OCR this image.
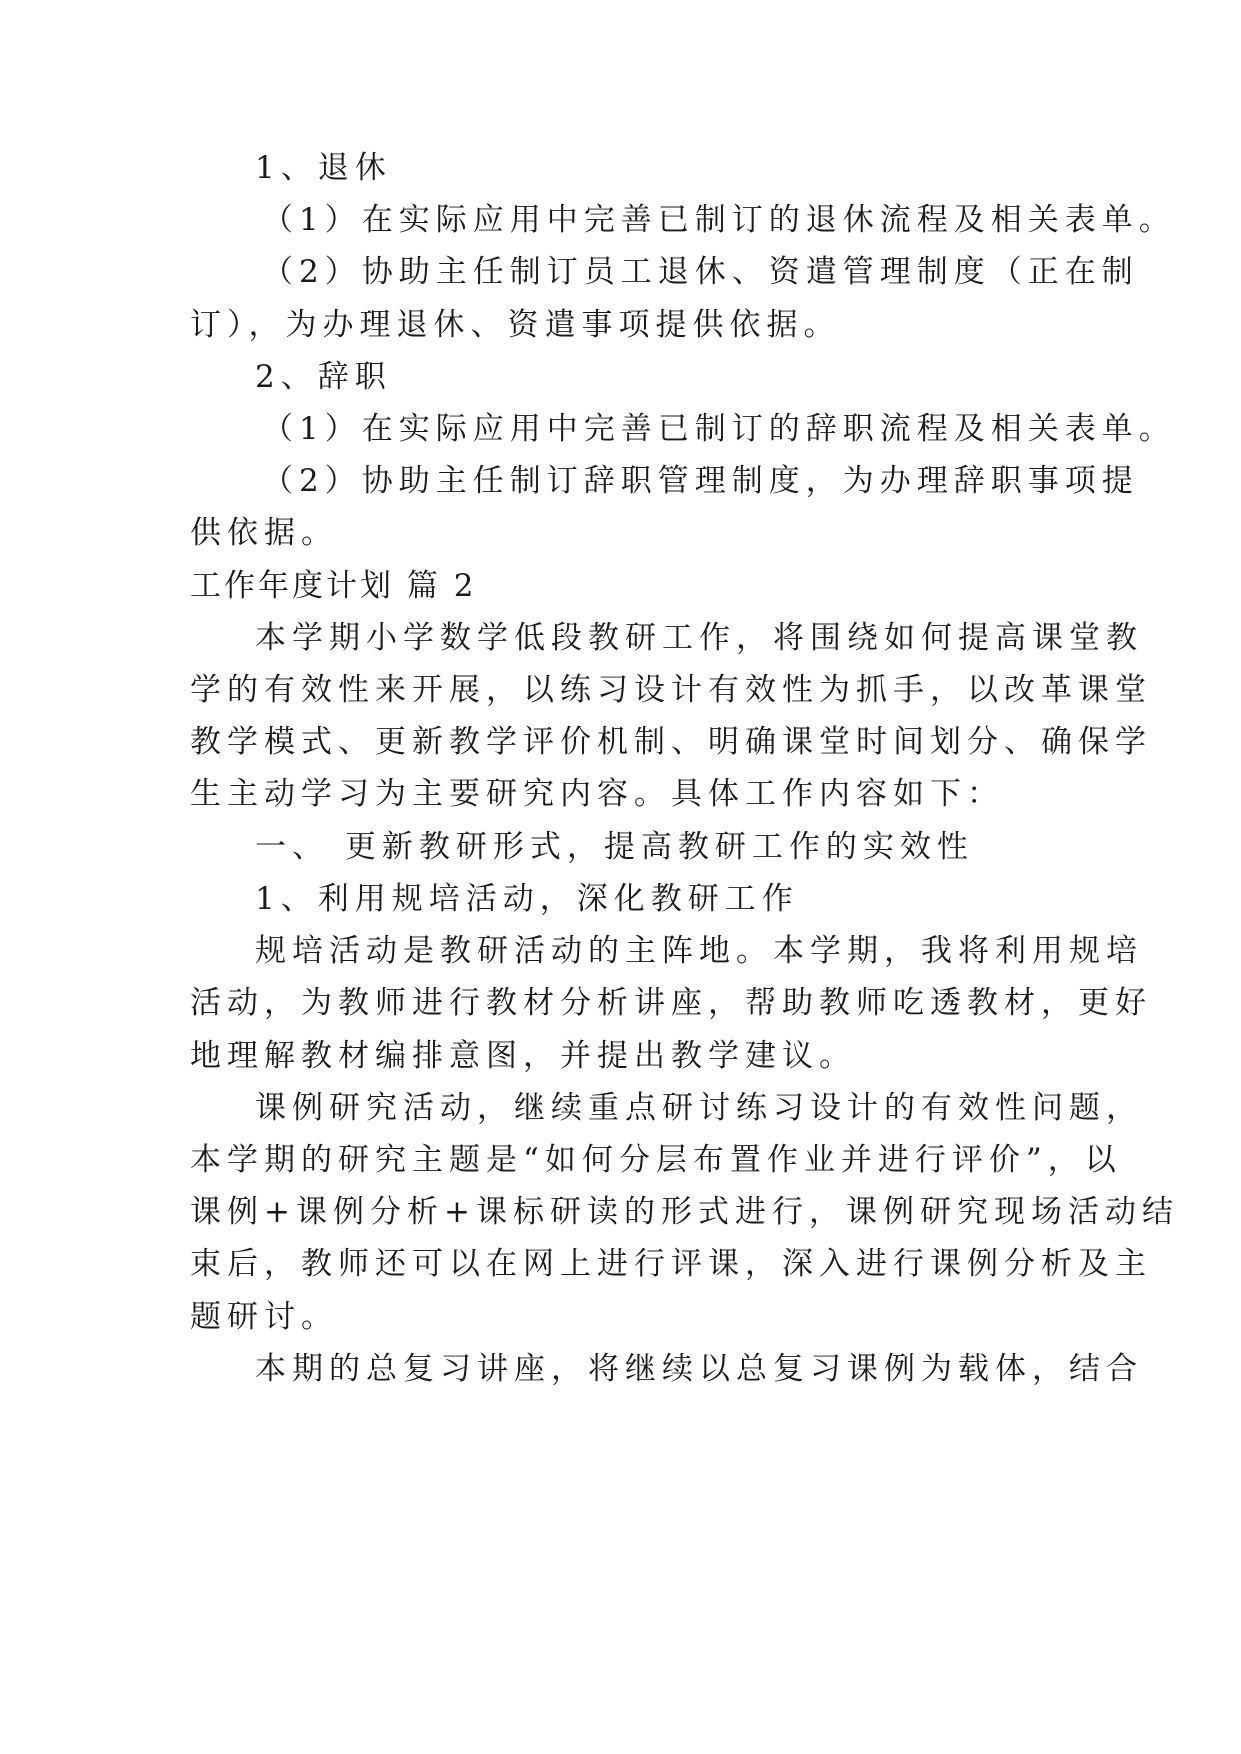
1、退休

（1）在实际应用中完善已制订的退休流程及相关表单。

（2）协助主任制订员工退休、资遣管理制度（正在制

订），为办理退休、资遣事项提供依据。

2、辞职

（1）在实际应用中完善已制订的辞职流程及相关表单。

（2）协助主任制订辞职管理制度，为办理辞职事项提

供依据。

工作年度计划 篇 2

本学期小学数学低段教研工作，将围绕如何提高课堂教

学的有效性来开展，以练习设计有效性为抓手，以改革课堂

教学模式、更新教学评价机制、明确课堂时间划分、确保学

生主动学习为主要研究内容。具体工作内容如下：

一、 更新教研形式，提高教研工作的实效性

1、利用规培活动，深化教研工作

规培活动是教研活动的主阵地。本学期，我将利用规培

活动，为教师进行教材分析讲座，帮助教师吃透教材，更好

地理解教材编排意图，并提出教学建议。

课例研究活动，继续重点研讨练习设计的有效性问题，

本学期的研究主题是“如何分层布置作业并进行评价”，以

课例+课例分析+课标研读的形式进行，课例研究现场活动结

束后，教师还可以在网上进行评课，深入进行课例分析及主

题研讨。

本期的总复习讲座，将继续以总复习课例为载体，结合
